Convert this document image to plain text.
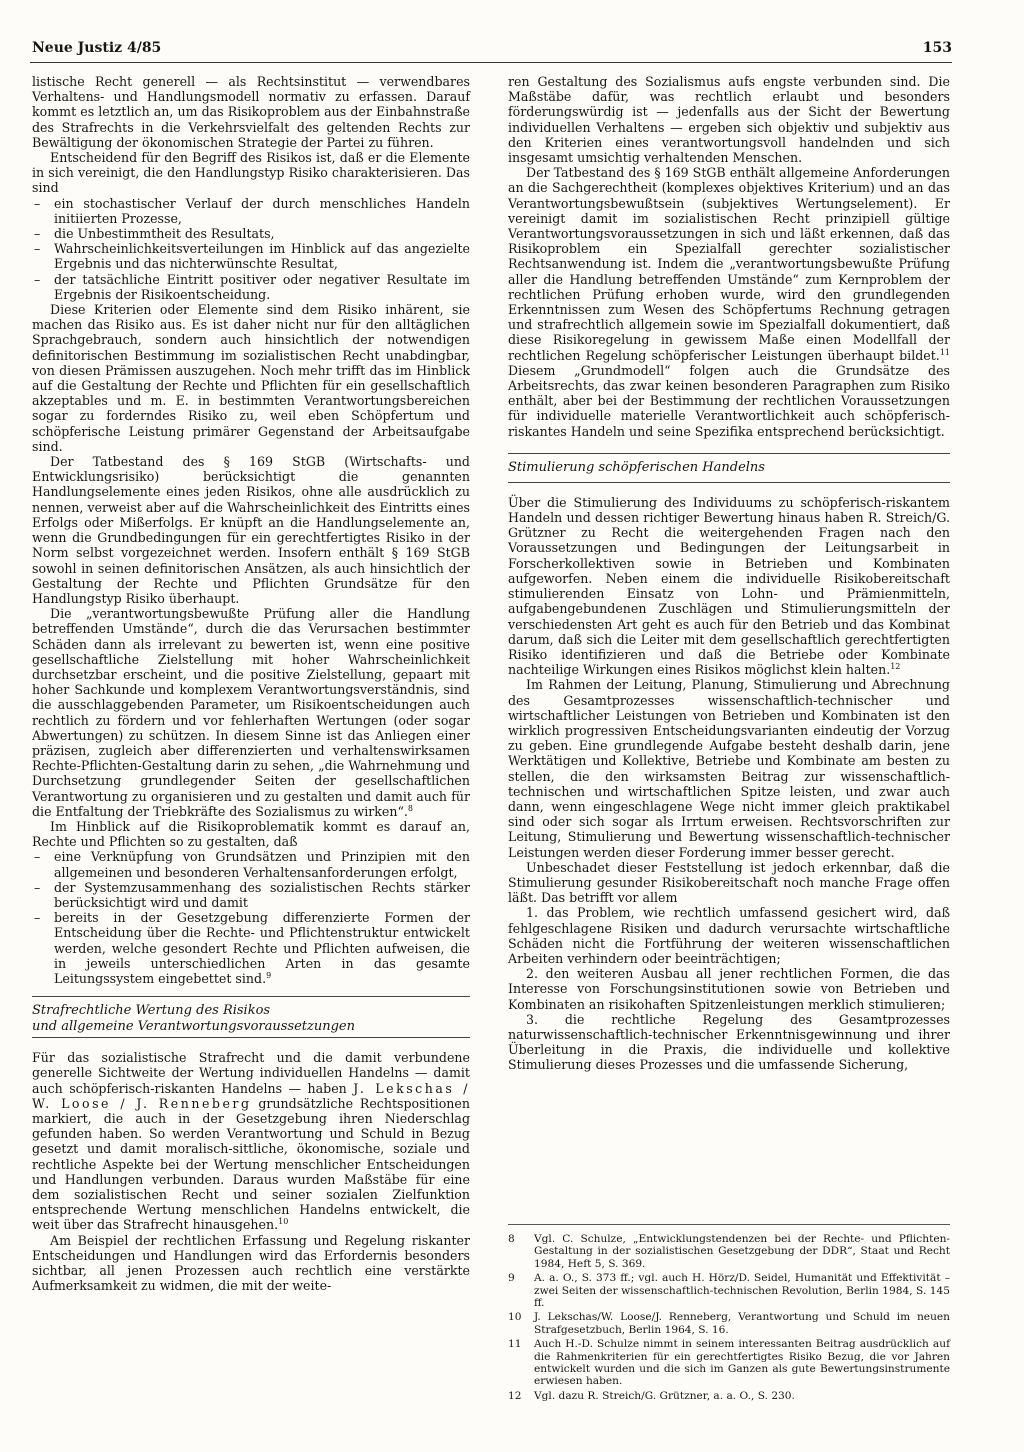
Neue Justiz 4/85	153

listische Recht generell — als Rechtsinstitut — verwendbares Verhaltens- und Handlungsmodell normativ zu erfassen. Darauf kommt es letztlich an, um das Risikoproblem aus der Einbahnstraße des Strafrechts in die Verkehrsvielfalt des geltenden Rechts zur Bewältigung der ökonomischen Strategie der Partei zu führen.

Entscheidend für den Begriff des Risikos ist, daß er die Elemente in sich vereinigt, die den Handlungstyp Risiko charakterisieren. Das sind

– ein stochastischer Verlauf der durch menschliches Handeln initiierten Prozesse,
– die Unbestimmtheit des Resultats,
– Wahrscheinlichkeitsverteilungen im Hinblick auf das angezielte Ergebnis und das nichterwünschte Resultat,
– der tatsächliche Eintritt positiver oder negativer Resultate im Ergebnis der Risikoentscheidung.

Diese Kriterien oder Elemente sind dem Risiko inhärent, sie machen das Risiko aus. Es ist daher nicht nur für den alltäglichen Sprachgebrauch, sondern auch hinsichtlich der notwendigen definitorischen Bestimmung im sozialistischen Recht unabdingbar, von diesen Prämissen auszugehen. Noch mehr trifft das im Hinblick auf die Gestaltung der Rechte und Pflichten für ein gesellschaftlich akzeptables und m. E. in bestimmten Verantwortungsbereichen sogar zu forderndes Risiko zu, weil eben Schöpfertum und schöpferische Leistung primärer Gegenstand der Arbeitsaufgabe sind.

Der Tatbestand des § 169 StGB (Wirtschafts- und Entwicklungsrisiko) berücksichtigt die genannten Handlungselemente eines jeden Risikos, ohne alle ausdrücklich zu nennen, verweist aber auf die Wahrscheinlichkeit des Eintritts eines Erfolgs oder Mißerfolgs. Er knüpft an die Handlungselemente an, wenn die Grundbedingungen für ein gerechtfertigtes Risiko in der Norm selbst vorgezeichnet werden. Insofern enthält § 169 StGB sowohl in seinen definitorischen Ansätzen, als auch hinsichtlich der Gestaltung der Rechte und Pflichten Grundsätze für den Handlungstyp Risiko überhaupt.

Die „verantwortungsbewußte Prüfung aller die Handlung betreffenden Umstände“, durch die das Verursachen bestimmter Schäden dann als irrelevant zu bewerten ist, wenn eine positive gesellschaftliche Zielstellung mit hoher Wahrscheinlichkeit durchsetzbar erscheint, und die positive Zielstellung, gepaart mit hoher Sachkunde und komplexem Verantwortungsverständnis, sind die ausschlaggebenden Parameter, um Risikoentscheidungen auch rechtlich zu fördern und vor fehlerhaften Wertungen (oder sogar Abwertungen) zu schützen. In diesem Sinne ist das Anliegen einer präzisen, zugleich aber differenzierten und verhaltenswirksamen Rechte-Pflichten-Gestaltung darin zu sehen, „die Wahrnehmung und Durchsetzung grundlegender Seiten der gesellschaftlichen Verantwortung zu organisieren und zu gestalten und damit auch für die Entfaltung der Triebkräfte des Sozialismus zu wirken“.$^8$

Im Hinblick auf die Risikoproblematik kommt es darauf an, Rechte und Pflichten so zu gestalten, daß

– eine Verknüpfung von Grundsätzen und Prinzipien mit den allgemeinen und besonderen Verhaltensanforderungen erfolgt,
– der Systemzusammenhang des sozialistischen Rechts stärker berücksichtigt wird und damit
– bereits in der Gesetzgebung differenzierte Formen der Entscheidung über die Rechte- und Pflichtenstruktur entwickelt werden, welche gesondert Rechte und Pflichten aufweisen, die in jeweils unterschiedlichen Arten in das gesamte Leitungssystem eingebettet sind.$^9$
Strafrechtliche Wertung des Risikos

und allgemeine Verantwortungsvoraussetzungen

Für das sozialistische Strafrecht und die damit verbundene generelle Sichtweite der Wertung individuellen Handelns — damit auch schöpferisch-riskanten Handelns — haben J. Lekschas / W. Loose / J. Renneberg grundsätzliche Rechtspositionen markiert, die auch in der Gesetzgebung ihren Niederschlag gefunden haben. So werden Verantwortung und Schuld in Bezug gesetzt und damit moralisch-sittliche, ökonomische, soziale und rechtliche Aspekte bei der Wertung menschlicher Entscheidungen und Handlungen verbunden. Daraus wurden Maßstäbe für eine dem sozialistischen Recht und seiner sozialen Zielfunktion entsprechende Wertung menschlichen Handelns entwickelt, die weit über das Strafrecht hinausgehen.$^{10}$

Am Beispiel der rechtlichen Erfassung und Regelung riskanter Entscheidungen und Handlungen wird das Erfordernis besonders sichtbar, all jenen Prozessen auch rechtlich eine verstärkte Aufmerksamkeit zu widmen, die mit der weite-

ren Gestaltung des Sozialismus aufs engste verbunden sind. Die Maßstäbe dafür, was rechtlich erlaubt und besonders förderungswürdig ist — jedenfalls aus der Sicht der Bewertung individuellen Verhaltens — ergeben sich objektiv und subjektiv aus den Kriterien eines verantwortungsvoll handelnden und sich insgesamt umsichtig verhaltenden Menschen.

Der Tatbestand des § 169 StGB enthält allgemeine Anforderungen an die Sachgerechtheit (komplexes objektives Kriterium) und an das Verantwortungsbewußtsein (subjektives Wertungselement). Er vereinigt damit im sozialistischen Recht prinzipiell gültige Verantwortungsvoraussetzungen in sich und läßt erkennen, daß das Risikoproblem ein Spezialfall gerechter sozialistischer Rechtsanwendung ist. Indem die „verantwortungsbewußte Prüfung aller die Handlung betreffenden Umstände“ zum Kernproblem der rechtlichen Prüfung erhoben wurde, wird den grundlegenden Erkenntnissen zum Wesen des Schöpfertums Rechnung getragen und strafrechtlich allgemein sowie im Spezialfall dokumentiert, daß diese Risikoregelung in gewissem Maße einen Modellfall der rechtlichen Regelung schöpferischer Leistungen überhaupt bildet.$^{11}$ Diesem „Grundmodell“ folgen auch die Grundsätze des Arbeitsrechts, das zwar keinen besonderen Paragraphen zum Risiko enthält, aber bei der Bestimmung der rechtlichen Voraussetzungen für individuelle materielle Verantwortlichkeit auch schöpferisch-riskantes Handeln und seine Spezifika entsprechend berücksichtigt.

Stimulierung schöpferischen Handelns

Über die Stimulierung des Individuums zu schöpferisch-riskantem Handeln und dessen richtiger Bewertung hinaus haben R. Streich/G. Grützner zu Recht die weitergehenden Fragen nach den Voraussetzungen und Bedingungen der Leitungsarbeit in Forscherkollektiven sowie in Betrieben und Kombinaten aufgeworfen. Neben einem die individuelle Risikobereitschaft stimulierenden Einsatz von Lohn- und Prämienmitteln, aufgabengebundenen Zuschlägen und Stimulierungsmitteln der verschiedensten Art geht es auch für den Betrieb und das Kombinat darum, daß sich die Leiter mit dem gesellschaftlich gerechtfertigten Risiko identifizieren und daß die Betriebe oder Kombinate nachteilige Wirkungen eines Risikos möglichst klein halten.$^{12}$

Im Rahmen der Leitung, Planung, Stimulierung und Abrechnung des Gesamtprozesses wissenschaftlich-technischer und wirtschaftlicher Leistungen von Betrieben und Kombinaten ist den wirklich progressiven Entscheidungsvarianten eindeutig der Vorzug zu geben. Eine grundlegende Aufgabe besteht deshalb darin, jene Werktätigen und Kollektive, Betriebe und Kombinate am besten zu stellen, die den wirksamsten Beitrag zur wissenschaftlich-technischen und wirtschaftlichen Spitze leisten, und zwar auch dann, wenn eingeschlagene Wege nicht immer gleich praktikabel sind oder sich sogar als Irrtum erweisen. Rechtsvorschriften zur Leitung, Stimulierung und Bewertung wissenschaftlich-technischer Leistungen werden dieser Forderung immer besser gerecht.

Unbeschadet dieser Feststellung ist jedoch erkennbar, daß die Stimulierung gesunder Risikobereitschaft noch manche Frage offen läßt. Das betrifft vor allem

1. das Problem, wie rechtlich umfassend gesichert wird, daß fehlgeschlagene Risiken und dadurch verursachte wirtschaftliche Schäden nicht die Fortführung der weiteren wissenschaftlichen Arbeiten verhindern oder beeinträchtigen;

2. den weiteren Ausbau all jener rechtlichen Formen, die das Interesse von Forschungsinstitutionen sowie von Betrieben und Kombinaten an risikohaften Spitzenleistungen merklich stimulieren;

3. die rechtliche Regelung des Gesamtprozesses naturwissenschaftlich-technischer Erkenntnisgewinnung und ihrer Überleitung in die Praxis, die individuelle und kollektive Stimulierung dieses Prozesses und die umfassende Sicherung,

8 Vgl. C. Schulze, „Entwicklungstendenzen bei der Rechte- und Pflichten-Gestaltung in der sozialistischen Gesetzgebung der DDR“, Staat und Recht 1984, Heft 5, S. 369.
9 A. a. O., S. 373 ff.; vgl. auch H. Hörz/D. Seidel, Humanität und Effektivität – zwei Seiten der wissenschaftlich-technischen Revolution, Berlin 1984, S. 145 ff.
10 J. Lekschas/W. Loose/J. Renneberg, Verantwortung und Schuld im neuen Strafgesetzbuch, Berlin 1964, S. 16.
11 Auch H.-D. Schulze nimmt in seinem interessanten Beitrag ausdrücklich auf die Rahmenkriterien für ein gerechtfertigtes Risiko Bezug, die vor Jahren entwickelt wurden und die sich im Ganzen als gute Bewertungsinstrumente erwiesen haben.
12 Vgl. dazu R. Streich/G. Grützner, a. a. O., S. 230.
